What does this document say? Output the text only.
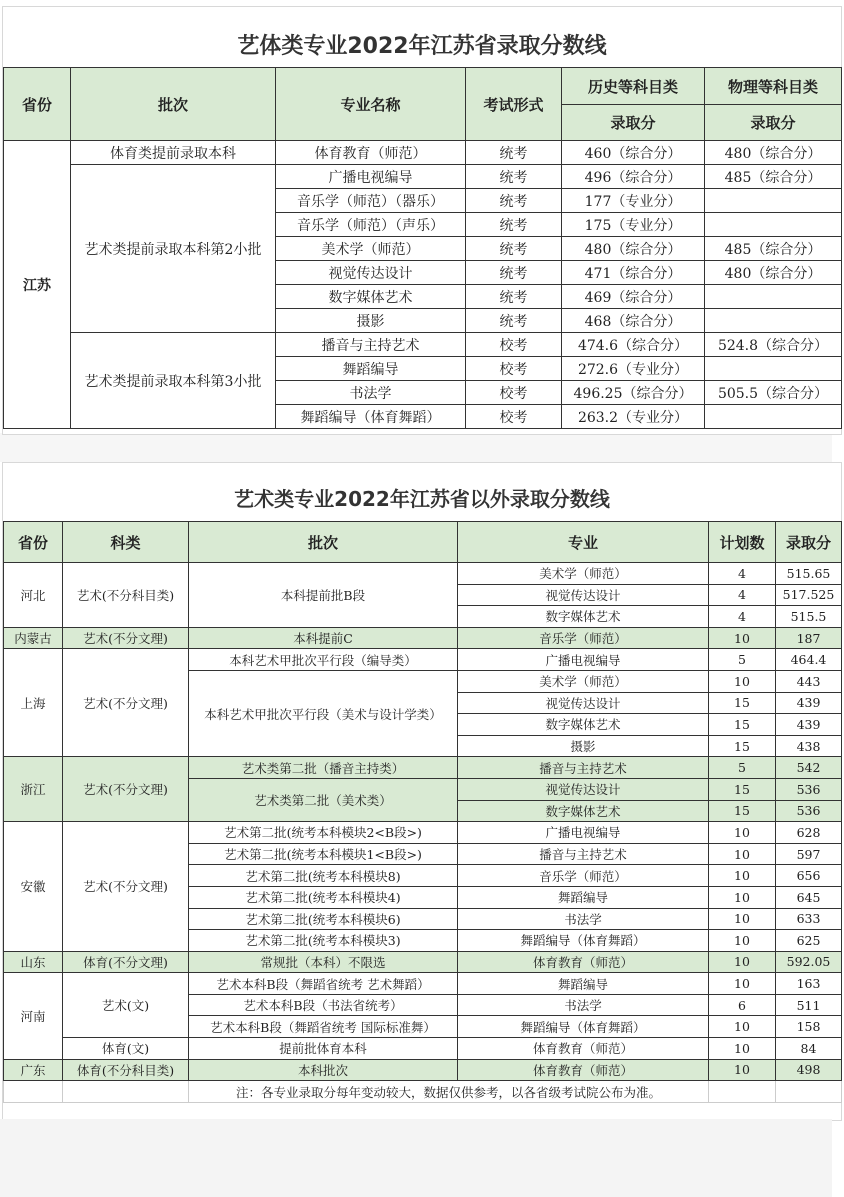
艺体类专业2022年江苏省录取分数线
省份	批次	专业名称	考试形式	历史等科目类	物理等科目类
				录取分	录取分
江苏	体育类提前录取本科	体育教育（师范）	统考	460（综合分）	480（综合分）
	艺术类提前录取本科第2小批	广播电视编导	统考	496（综合分）	485（综合分）
		音乐学（师范）（器乐）	统考	177（专业分）	
		音乐学（师范）（声乐）	统考	175（专业分）	
		美术学（师范）	统考	480（综合分）	485（综合分）
		视觉传达设计	统考	471（综合分）	480（综合分）
		数字媒体艺术	统考	469（综合分）	
		摄影	统考	468（综合分）	
	艺术类提前录取本科第3小批	播音与主持艺术	校考	474.6（综合分）	524.8（综合分）
		舞蹈编导	校考	272.6（专业分）	
		书法学	校考	496.25（综合分）	505.5（综合分）
		舞蹈编导（体育舞蹈）	校考	263.2（专业分）	
艺术类专业2022年江苏省以外录取分数线
省份	科类	批次	专业	计划数	录取分
河北	艺术(不分科目类)	本科提前批B段	美术学（师范）	4	515.65
			视觉传达设计	4	517.525
			数字媒体艺术	4	515.5
内蒙古	艺术(不分文理)	本科提前C	音乐学（师范）	10	187
上海	艺术(不分文理)	本科艺术甲批次平行段（编导类）	广播电视编导	5	464.4
		本科艺术甲批次平行段（美术与设计学类）	美术学（师范）	10	443
			视觉传达设计	15	439
			数字媒体艺术	15	439
			摄影	15	438
浙江	艺术(不分文理)	艺术类第二批（播音主持类）	播音与主持艺术	5	542
		艺术类第二批（美术类）	视觉传达设计	15	536
			数字媒体艺术	15	536
安徽	艺术(不分文理)	艺术第二批(统考本科模块2<B段>)	广播电视编导	10	628
		艺术第二批(统考本科模块1<B段>)	播音与主持艺术	10	597
		艺术第二批(统考本科模块8)	音乐学（师范）	10	656
		艺术第二批(统考本科模块4)	舞蹈编导	10	645
		艺术第二批(统考本科模块6)	书法学	10	633
		艺术第二批(统考本科模块3)	舞蹈编导（体育舞蹈）	10	625
山东	体育(不分文理)	常规批（本科）不限选	体育教育（师范）	10	592.05
河南	艺术(文)	艺术本科B段（舞蹈省统考 艺术舞蹈）	舞蹈编导	10	163
		艺术本科B段（书法省统考）	书法学	6	511
		艺术本科B段（舞蹈省统考 国际标准舞）	舞蹈编导（体育舞蹈）	10	158
	体育(文)	提前批体育本科	体育教育（师范）	10	84
广东	体育(不分科目类)	本科批次	体育教育（师范）	10	498
		注：各专业录取分每年变动较大，数据仅供参考，以各省级考试院公布为准。			
